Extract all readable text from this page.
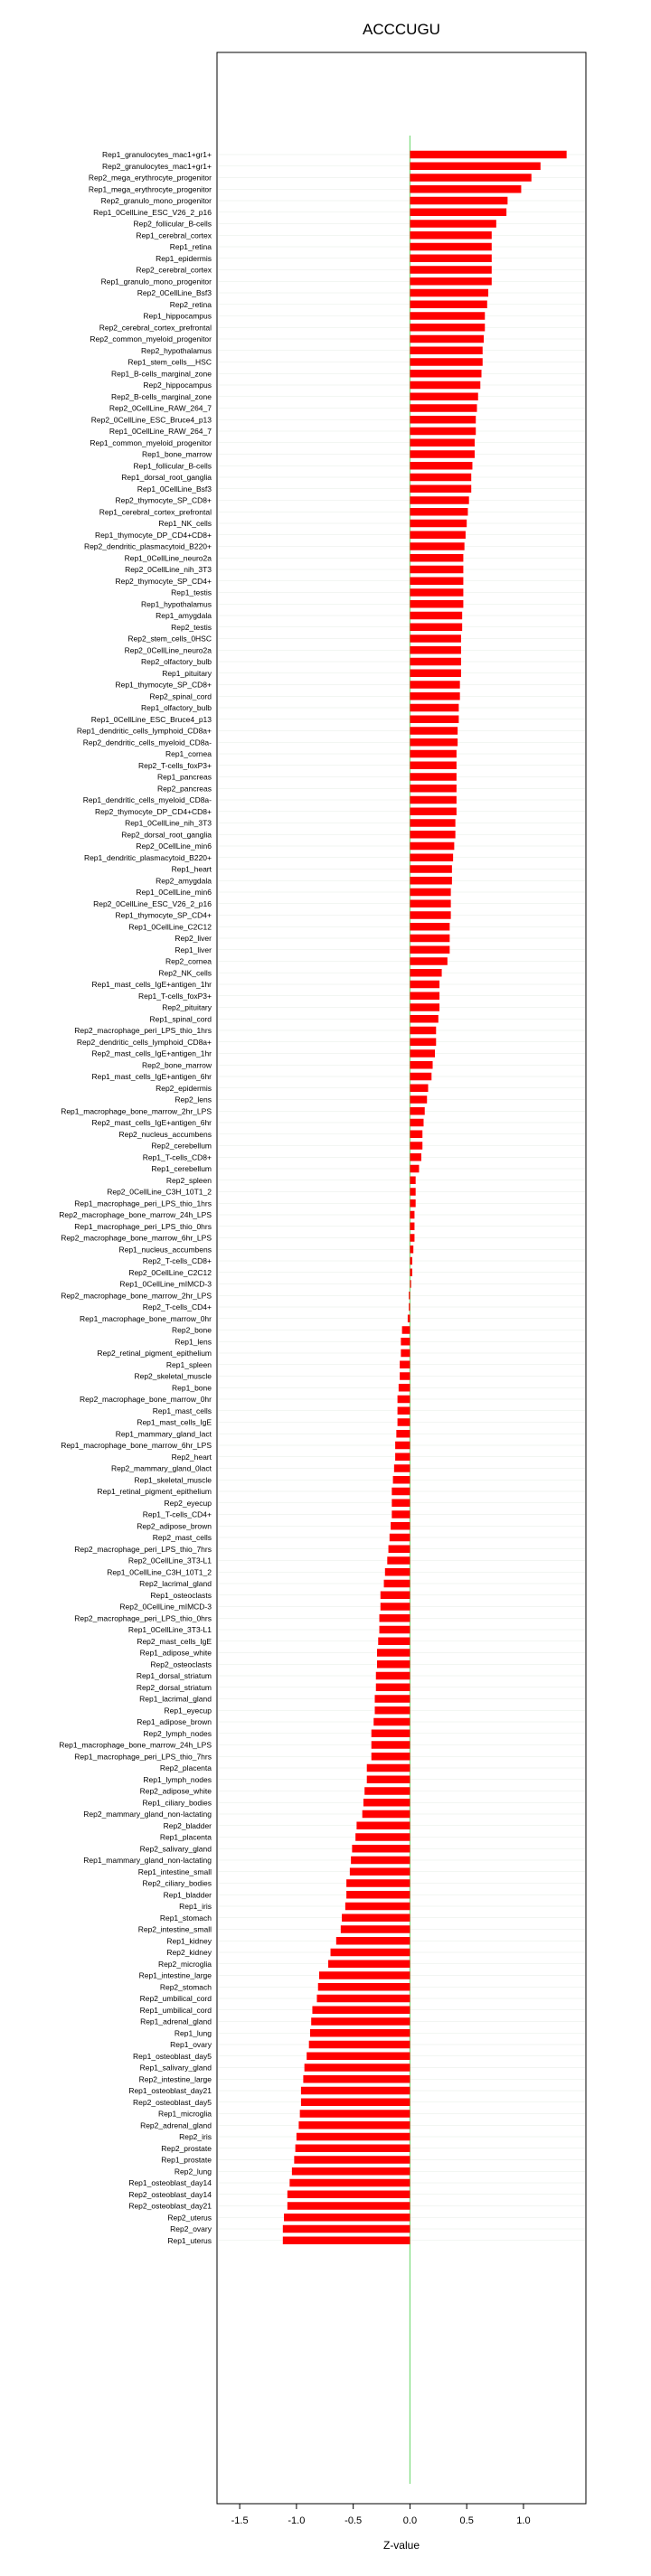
ACCCUGU
Rep1_granulocytes_mac1+gr1+
Rep2_granulocytes_mac1+gr1+
Rep2_mega_erythrocyte_progenitor
Rep1_mega_erythrocyte_progenitor
Rep2_granulo_mono_progenitor
Rep1_0CellLine_ESC_V26_2_p16
Rep2_follicular_B-cells
Rep1_cerebral_cortex
Rep1_retina
Rep1_epidermis
Rep2_cerebral_cortex
Rep1_granulo_mono_progenitor
Rep2_0CellLine_Bsf3
Rep2_retina
Rep1_hippocampus
Rep2_cerebral_cortex_prefrontal
Rep2_common_myeloid_progenitor
Rep2_hypothalamus
Rep1_stem_cells__HSC
Rep1_B-cells_marginal_zone
Rep2_hippocampus
Rep2_B-cells_marginal_zone
Rep2_0CellLine_RAW_264_7
Rep2_0CellLine_ESC_Bruce4_p13
Rep1_0CellLine_RAW_264_7
Rep1_common_myeloid_progenitor
Rep1_bone_marrow
Rep1_follicular_B-cells
Rep1_dorsal_root_ganglia
Rep1_0CellLine_Bsf3
Rep2_thymocyte_SP_CD8+
Rep1_cerebral_cortex_prefrontal
Rep1_NK_cells
Rep1_thymocyte_DP_CD4+CD8+
Rep2_dendritic_plasmacytoid_B220+
Rep1_0CellLine_neuro2a
Rep2_0CellLine_nih_3T3
Rep2_thymocyte_SP_CD4+
Rep1_testis
Rep1_hypothalamus
Rep1_amygdala
Rep2_testis
Rep2_stem_cells_0HSC
Rep2_0CellLine_neuro2a
Rep2_olfactory_bulb
Rep1_pituitary
Rep1_thymocyte_SP_CD8+
Rep2_spinal_cord
Rep1_olfactory_bulb
Rep1_0CellLine_ESC_Bruce4_p13
Rep1_dendritic_cells_lymphoid_CD8a+
Rep2_dendritic_cells_myeloid_CD8a-
Rep1_cornea
Rep2_T-cells_foxP3+
Rep1_pancreas
Rep2_pancreas
Rep1_dendritic_cells_myeloid_CD8a-
Rep2_thymocyte_DP_CD4+CD8+
Rep1_0CellLine_nih_3T3
Rep2_dorsal_root_ganglia
Rep2_0CellLine_min6
Rep1_dendritic_plasmacytoid_B220+
Rep1_heart
Rep2_amygdala
Rep1_0CellLine_min6
Rep2_0CellLine_ESC_V26_2_p16
Rep1_thymocyte_SP_CD4+
Rep1_0CellLine_C2C12
Rep2_liver
Rep1_liver
Rep2_cornea
Rep2_NK_cells
Rep1_mast_cells_IgE+antigen_1hr
Rep1_T-cells_foxP3+
Rep2_pituitary
Rep1_spinal_cord
Rep2_macrophage_peri_LPS_thio_1hrs
Rep2_dendritic_cells_lymphoid_CD8a+
Rep2_mast_cells_IgE+antigen_1hr
Rep2_bone_marrow
Rep1_mast_cells_IgE+antigen_6hr
Rep2_epidermis
Rep2_lens
Rep1_macrophage_bone_marrow_2hr_LPS
Rep2_mast_cells_IgE+antigen_6hr
Rep2_nucleus_accumbens
Rep2_cerebellum
Rep1_T-cells_CD8+
Rep1_cerebellum
Rep2_spleen
Rep2_0CellLine_C3H_10T1_2
Rep1_macrophage_peri_LPS_thio_1hrs
Rep2_macrophage_bone_marrow_24h_LPS
Rep1_macrophage_peri_LPS_thio_0hrs
Rep2_macrophage_bone_marrow_6hr_LPS
Rep1_nucleus_accumbens
Rep2_T-cells_CD8+
Rep2_0CellLine_C2C12
Rep1_0CellLine_mIMCD-3
Rep2_macrophage_bone_marrow_2hr_LPS
Rep2_T-cells_CD4+
Rep1_macrophage_bone_marrow_0hr
Rep2_bone
Rep1_lens
Rep2_retinal_pigment_epithelium
Rep1_spleen
Rep2_skeletal_muscle
Rep1_bone
Rep2_macrophage_bone_marrow_0hr
Rep1_mast_cells
Rep1_mast_cells_IgE
Rep1_mammary_gland_lact
Rep1_macrophage_bone_marrow_6hr_LPS
Rep2_heart
Rep2_mammary_gland_0lact
Rep1_skeletal_muscle
Rep1_retinal_pigment_epithelium
Rep2_eyecup
Rep1_T-cells_CD4+
Rep2_adipose_brown
Rep2_mast_cells
Rep2_macrophage_peri_LPS_thio_7hrs
Rep2_0CellLine_3T3-L1
Rep1_0CellLine_C3H_10T1_2
Rep2_lacrimal_gland
Rep1_osteoclasts
Rep2_0CellLine_mIMCD-3
Rep2_macrophage_peri_LPS_thio_0hrs
Rep1_0CellLine_3T3-L1
Rep2_mast_cells_IgE
Rep1_adipose_white
Rep2_osteoclasts
Rep1_dorsal_striatum
Rep2_dorsal_striatum
Rep1_lacrimal_gland
Rep1_eyecup
Rep1_adipose_brown
Rep2_lymph_nodes
Rep1_macrophage_bone_marrow_24h_LPS
Rep1_macrophage_peri_LPS_thio_7hrs
Rep2_placenta
Rep1_lymph_nodes
Rep2_adipose_white
Rep1_ciliary_bodies
Rep2_mammary_gland_non-lactating
Rep2_bladder
Rep1_placenta
Rep2_salivary_gland
Rep1_mammary_gland_non-lactating
Rep1_intestine_small
Rep2_ciliary_bodies
Rep1_bladder
Rep1_iris
Rep1_stomach
Rep2_intestine_small
Rep1_kidney
Rep2_kidney
Rep2_microglia
Rep1_intestine_large
Rep2_stomach
Rep2_umbilical_cord
Rep1_umbilical_cord
Rep1_adrenal_gland
Rep1_lung
Rep1_ovary
Rep1_osteoblast_day5
Rep1_salivary_gland
Rep2_intestine_large
Rep1_osteoblast_day21
Rep2_osteoblast_day5
Rep1_microglia
Rep2_adrenal_gland
Rep2_iris
Rep2_prostate
Rep1_prostate
Rep2_lung
Rep1_osteoblast_day14
Rep2_osteoblast_day14
Rep2_osteoblast_day21
Rep2_uterus
Rep2_ovary
Rep1_uterus
-1.5	-1.0	-0.5	0.0	0.5	1.0
Z-value
